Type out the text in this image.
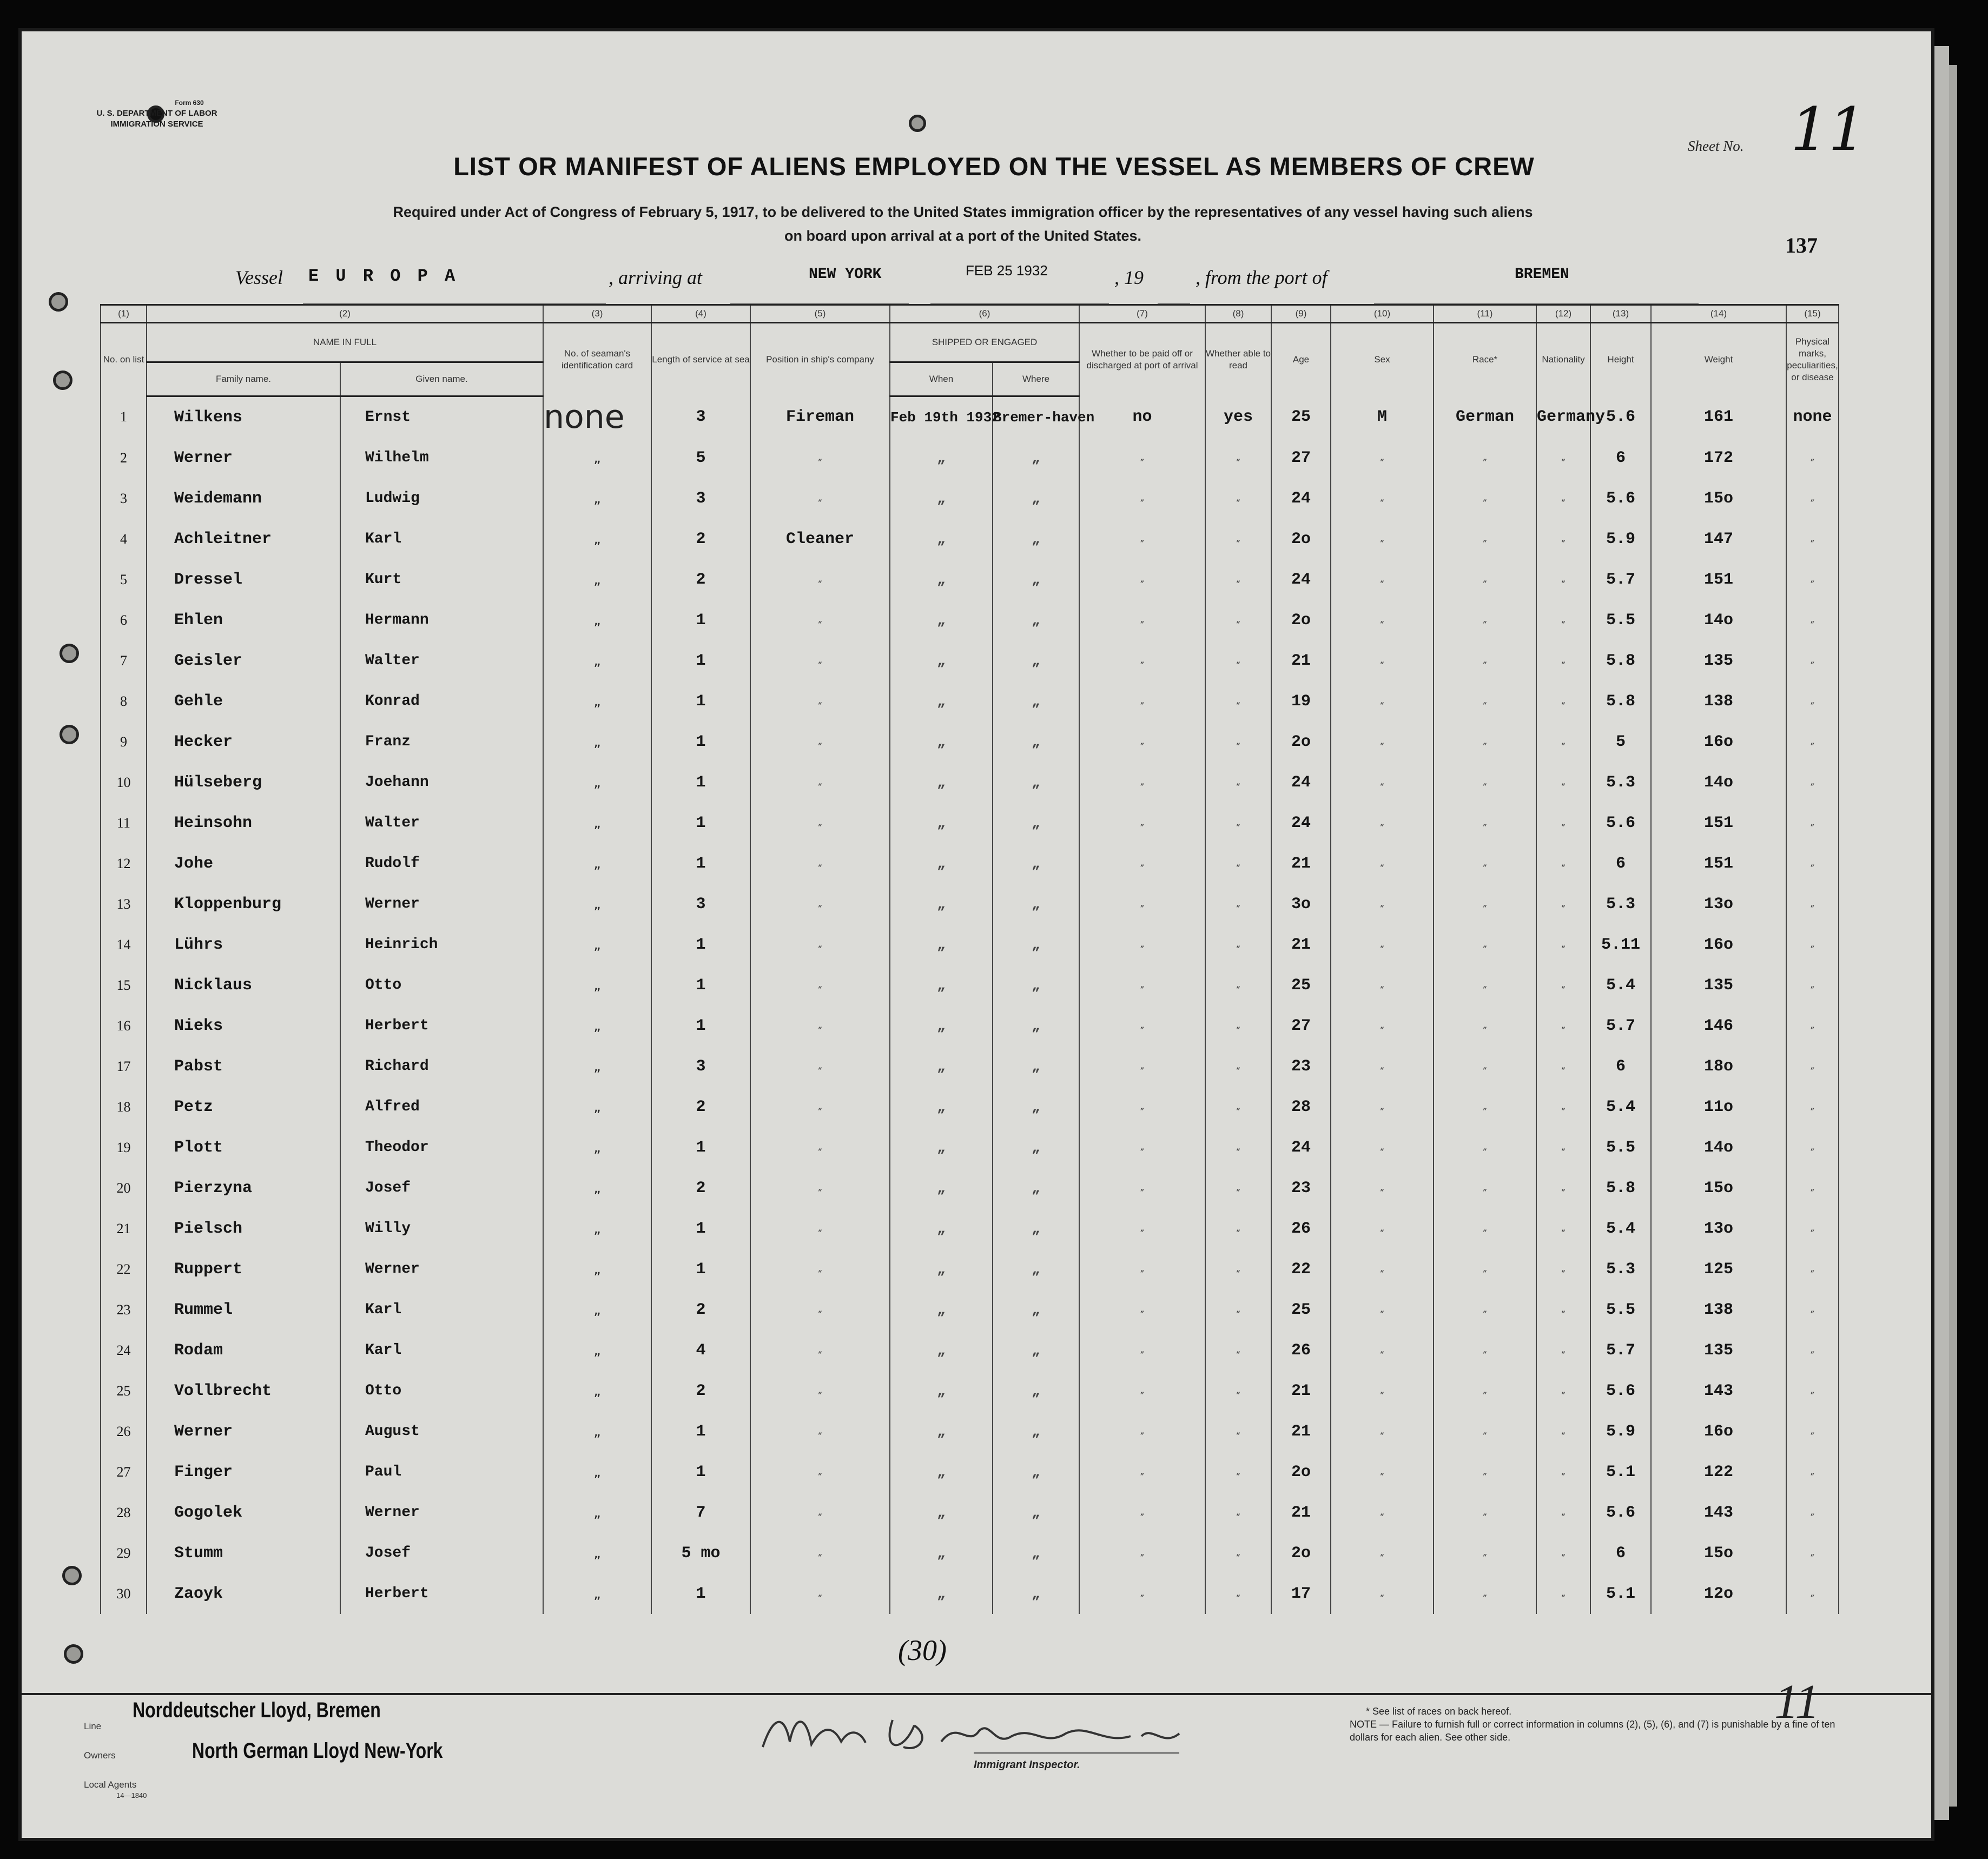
Form 630
U. S. DEPARTMENT OF LABOR
IMMIGRATION SERVICE
Sheet No. 11
137
LIST OR MANIFEST OF ALIENS EMPLOYED ON THE VESSEL AS MEMBERS OF CREW
Required under Act of Congress of February 5, 1917, to be delivered to the United States immigration officer by the representatives of any vessel having such aliens
on board upon arrival at a port of the United States.
Vessel E U R O P A	, arriving at	NEW YORK	FEB 25 1932	, 19	, from the port of	BREMEN
(1)	(2)		(3)	(4)	(5)	(6)		(7)	(8)	(9)	(10)	(11)	(12)	(13)	(14)	(15)
No. on list	NAME IN FULL		No. of seaman's identification card	Length of service at sea	Position in ship's company	SHIPPED OR ENGAGED		Whether to be paid off or discharged at port of arrival	Whether able to read	Age	Sex	Race*	Nationality	Height	Weight	Physical marks, peculiarities, or disease
	Family name.	Given name.				When	Where									
1	Wilkens	Ernst	none	3	Fireman	Feb 19th 1932	Bremer-haven	no	yes	25	M	German	Germany	5.6	161	none
2	Werner	Wilhelm	„	5	„	„	„	„	„	27	„	„	„	6	172	„
3	Weidemann	Ludwig	„	3	„	„	„	„	„	24	„	„	„	5.6	15o	„
4	Achleitner	Karl	„	2	Cleaner	„	„	„	„	2o	„	„	„	5.9	147	„
5	Dressel	Kurt	„	2	„	„	„	„	„	24	„	„	„	5.7	151	„
6	Ehlen	Hermann	„	1	„	„	„	„	„	2o	„	„	„	5.5	14o	„
7	Geisler	Walter	„	1	„	„	„	„	„	21	„	„	„	5.8	135	„
8	Gehle	Konrad	„	1	„	„	„	„	„	19	„	„	„	5.8	138	„
9	Hecker	Franz	„	1	„	„	„	„	„	2o	„	„	„	5	16o	„
10	Hülseberg	Joehann	„	1	„	„	„	„	„	24	„	„	„	5.3	14o	„
11	Heinsohn	Walter	„	1	„	„	„	„	„	24	„	„	„	5.6	151	„
12	Johe	Rudolf	„	1	„	„	„	„	„	21	„	„	„	6	151	„
13	Kloppenburg	Werner	„	3	„	„	„	„	„	3o	„	„	„	5.3	13o	„
14	Lührs	Heinrich	„	1	„	„	„	„	„	21	„	„	„	5.11	16o	„
15	Nicklaus	Otto	„	1	„	„	„	„	„	25	„	„	„	5.4	135	„
16	Nieks	Herbert	„	1	„	„	„	„	„	27	„	„	„	5.7	146	„
17	Pabst	Richard	„	3	„	„	„	„	„	23	„	„	„	6	18o	„
18	Petz	Alfred	„	2	„	„	„	„	„	28	„	„	„	5.4	11o	„
19	Plott	Theodor	„	1	„	„	„	„	„	24	„	„	„	5.5	14o	„
20	Pierzyna	Josef	„	2	„	„	„	„	„	23	„	„	„	5.8	15o	„
21	Pielsch	Willy	„	1	„	„	„	„	„	26	„	„	„	5.4	13o	„
22	Ruppert	Werner	„	1	„	„	„	„	„	22	„	„	„	5.3	125	„
23	Rummel	Karl	„	2	„	„	„	„	„	25	„	„	„	5.5	138	„
24	Rodam	Karl	„	4	„	„	„	„	„	26	„	„	„	5.7	135	„
25	Vollbrecht	Otto	„	2	„	„	„	„	„	21	„	„	„	5.6	143	„
26	Werner	August	„	1	„	„	„	„	„	21	„	„	„	5.9	16o	„
27	Finger	Paul	„	1	„	„	„	„	„	2o	„	„	„	5.1	122	„
28	Gogolek	Werner	„	7	„	„	„	„	„	21	„	„	„	5.6	143	„
29	Stumm	Josef	„	5 mo	„	„	„	„	„	2o	„	„	„	6	15o	„
30	Zaoyk	Herbert	„	1	„	„	„	„	„	17	„	„	„	5.1	12o	„
(30)
Line
Owners
Local Agents
14—1840
Norddeutscher Lloyd, Bremen
North German Lloyd New-York
Immigrant Inspector.
* See list of races on back hereof.
NOTE — Failure to furnish full or correct information in columns (2), (5), (6), and (7) is punishable by a fine of ten dollars for each alien. See other side.
11
